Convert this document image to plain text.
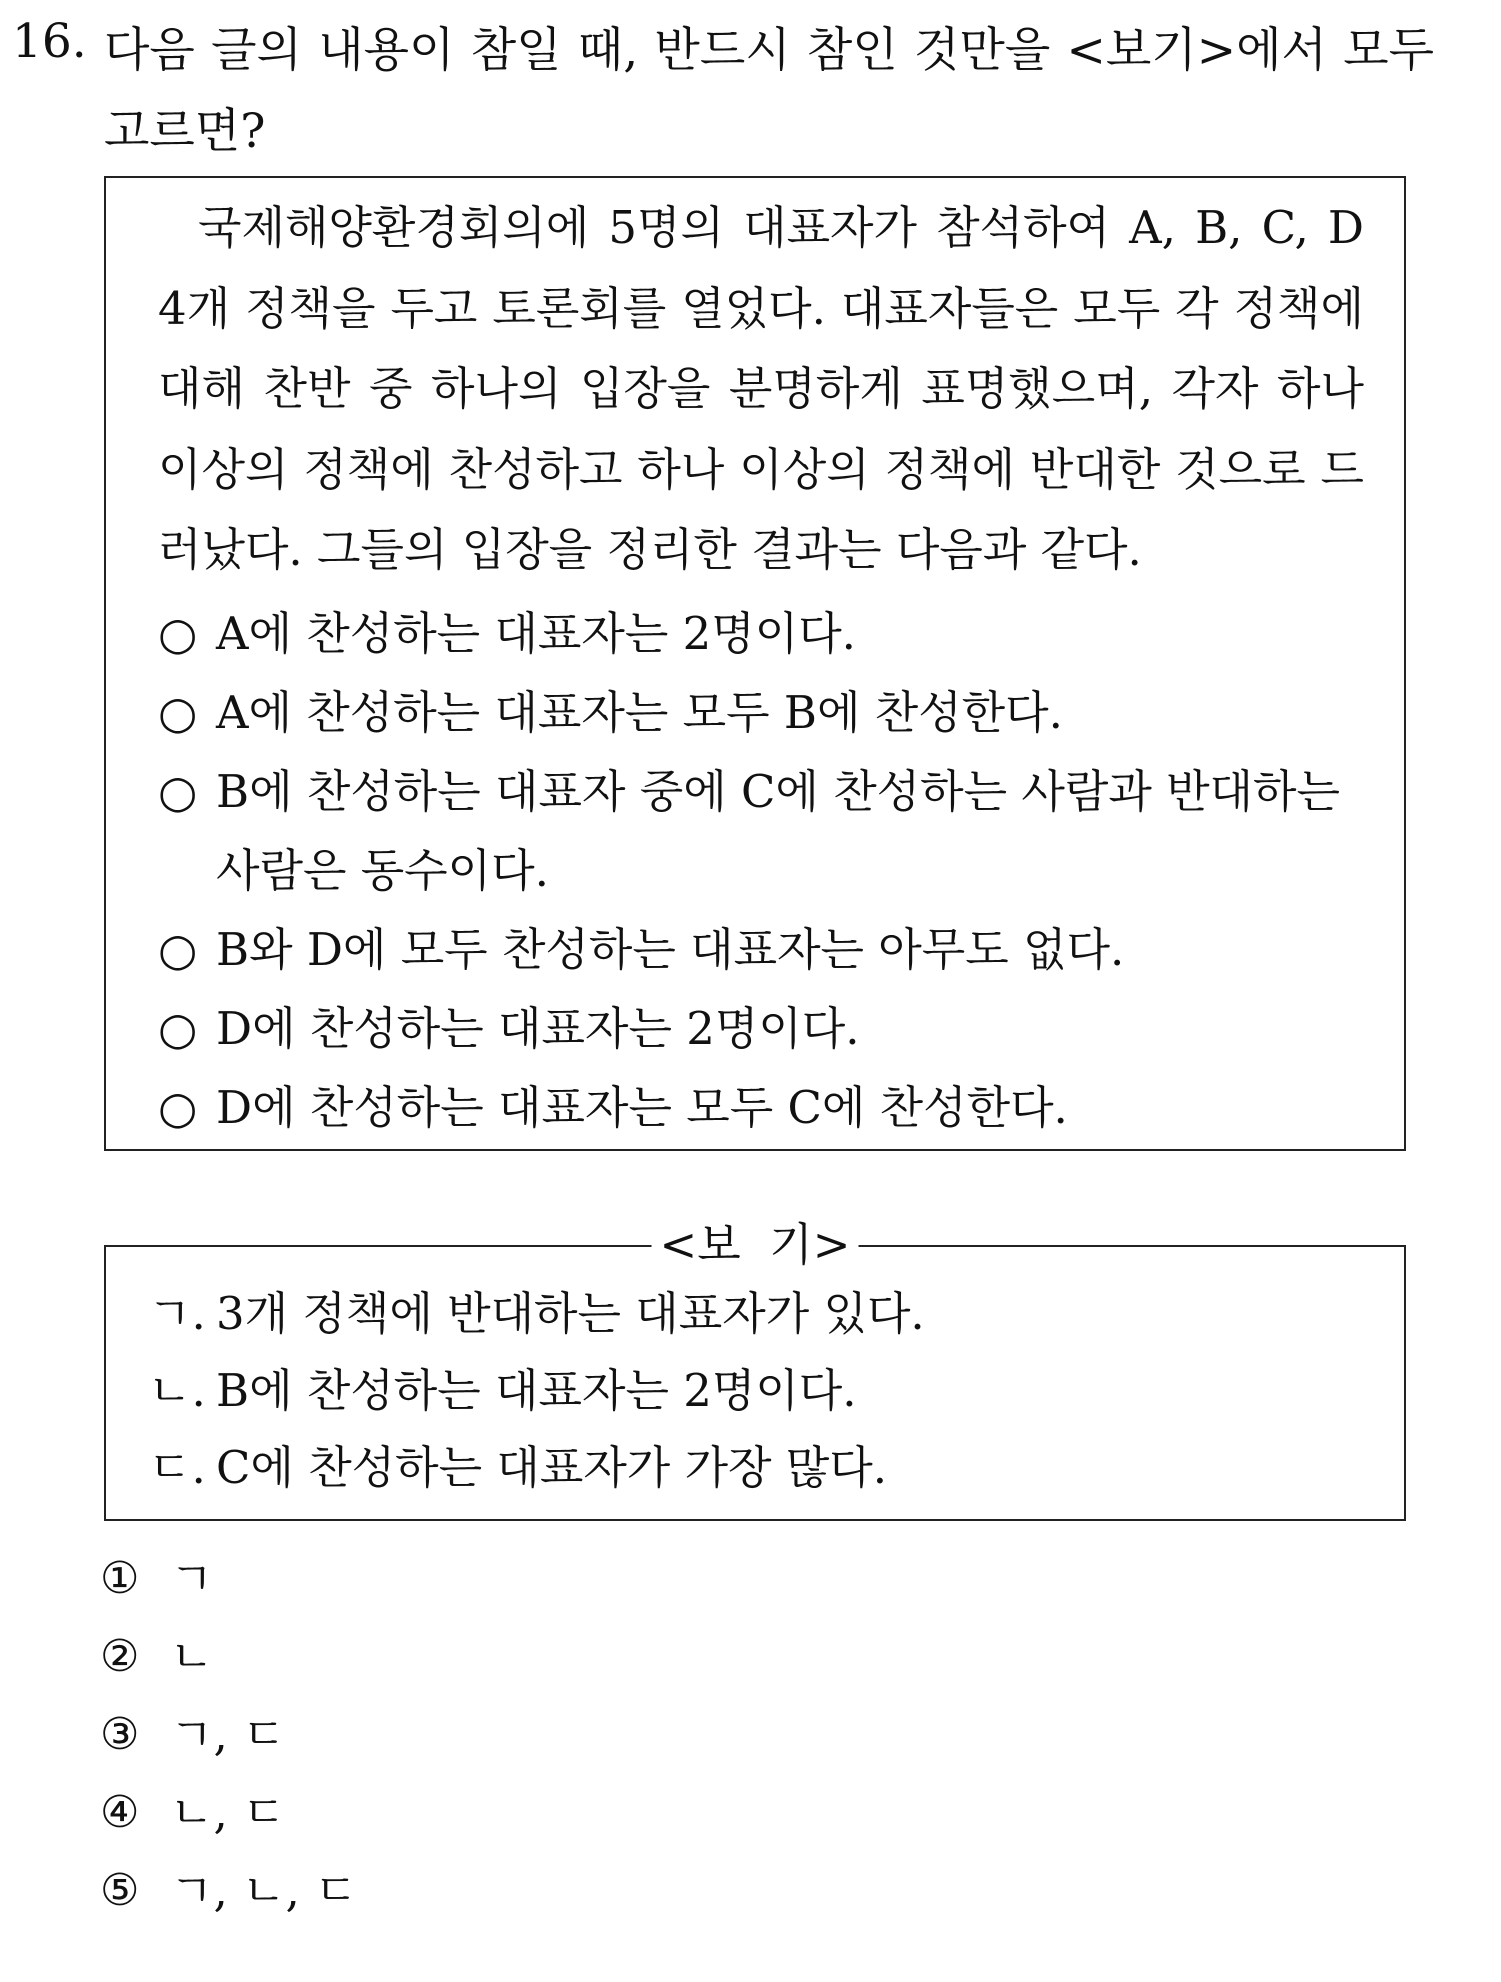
16. 다음 글의 내용이 참일 때, 반드시 참인 것만을 <보기>에서 모두 고르면?
국제해양환경회의에 5명의 대표자가 참석하여 A, B, C, D 4개 정책을 두고 토론회를 열었다. 대표자들은 모두 각 정책에 대해 찬반 중 하나의 입장을 분명하게 표명했으며, 각자 하나 이상의 정책에 찬성하고 하나 이상의 정책에 반대한 것으로 드러났다. 그들의 입장을 정리한 결과는 다음과 같다.
○ A에 찬성하는 대표자는 2명이다.
○ A에 찬성하는 대표자는 모두 B에 찬성한다.
○ B에 찬성하는 대표자 중에 C에 찬성하는 사람과 반대하는 사람은 동수이다.
○ B와 D에 모두 찬성하는 대표자는 아무도 없다.
○ D에 찬성하는 대표자는 2명이다.
○ D에 찬성하는 대표자는 모두 C에 찬성한다.
<보  기>
ㄱ. 3개 정책에 반대하는 대표자가 있다.
ㄴ. B에 찬성하는 대표자는 2명이다.
ㄷ. C에 찬성하는 대표자가 가장 많다.
① ㄱ
② ㄴ
③ ㄱ, ㄷ
④ ㄴ, ㄷ
⑤ ㄱ, ㄴ, ㄷ
